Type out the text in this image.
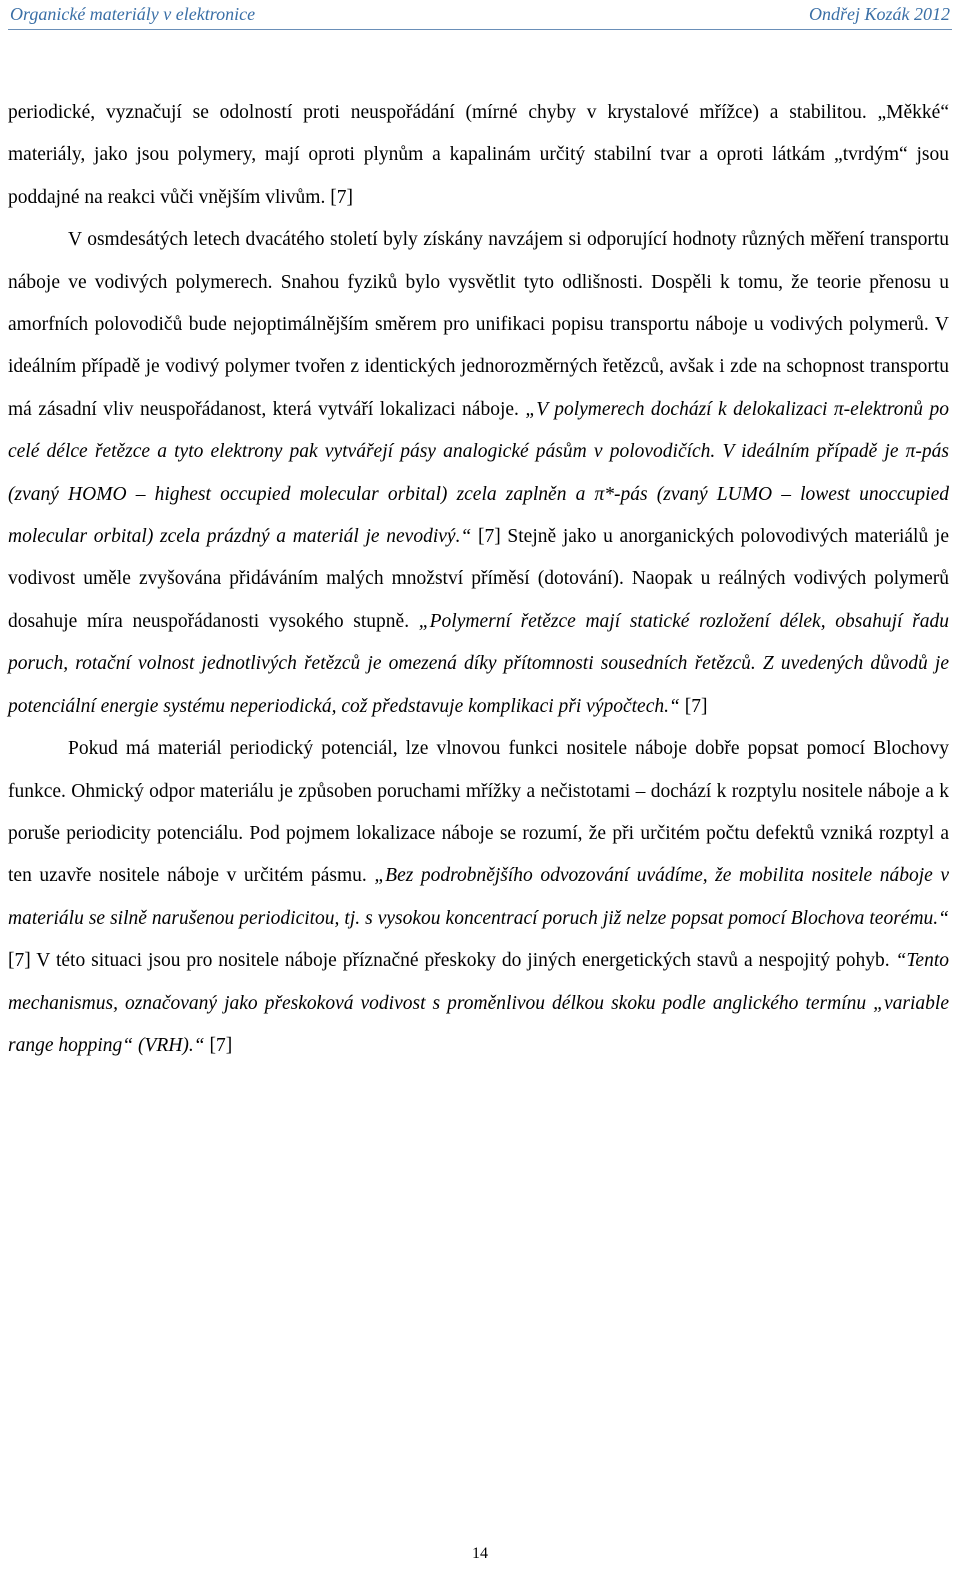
Organické materiály v elektronice	Ondřej Kozák 2012

periodické, vyznačují se odolností proti neuspořádání (mírné chyby v krystalové mřížce) a stabilitou. „Měkké“ materiály, jako jsou polymery, mají oproti plynům a kapalinám určitý stabilní tvar a oproti látkám „tvrdým“ jsou poddajné na reakci vůči vnějším vlivům. [7]

V osmdesátých letech dvacátého století byly získány navzájem si odporující hodnoty různých měření transportu náboje ve vodivých polymerech. Snahou fyziků bylo vysvětlit tyto odlišnosti. Dospěli k tomu, že teorie přenosu u amorfních polovodičů bude nejoptimálnějším směrem pro unifikaci popisu transportu náboje u vodivých polymerů. V ideálním případě je vodivý polymer tvořen z identických jednorozměrných řetězců, avšak i zde na schopnost transportu má zásadní vliv neuspořádanost, která vytváří lokalizaci náboje. „V polymerech dochází k delokalizaci π-elektronů po celé délce řetězce a tyto elektrony pak vytvářejí pásy analogické pásům v polovodičích. V ideálním případě je π-pás (zvaný HOMO – highest occupied molecular orbital) zcela zaplněn a π*-pás (zvaný LUMO – lowest unoccupied molecular orbital) zcela prázdný a materiál je nevodivý.“ [7] Stejně jako u anorganických polovodivých materiálů je vodivost uměle zvyšována přidáváním malých množství příměsí (dotování). Naopak u reálných vodivých polymerů dosahuje míra neuspořádanosti vysokého stupně. „Polymerní řetězce mají statické rozložení délek, obsahují řadu poruch, rotační volnost jednotlivých řetězců je omezená díky přítomnosti sousedních řetězců. Z uvedených důvodů je potenciální energie systému neperiodická, což představuje komplikaci při výpočtech.“ [7]

Pokud má materiál periodický potenciál, lze vlnovou funkci nositele náboje dobře popsat pomocí Blochovy funkce. Ohmický odpor materiálu je způsoben poruchami mřížky a nečistotami – dochází k rozptylu nositele náboje a k poruše periodicity potenciálu. Pod pojmem lokalizace náboje se rozumí, že při určitém počtu defektů vzniká rozptyl a ten uzavře nositele náboje v určitém pásmu. „Bez podrobnějšího odvozování uvádíme, že mobilita nositele náboje v materiálu se silně narušenou periodicitou, tj. s vysokou koncentrací poruch již nelze popsat pomocí Blochova teorému.“ [7] V této situaci jsou pro nositele náboje příznačné přeskoky do jiných energetických stavů a nespojitý pohyb. “Tento mechanismus, označovaný jako přeskoková vodivost s proměnlivou délkou skoku podle anglického termínu „variable range hopping“ (VRH).“ [7]

14
